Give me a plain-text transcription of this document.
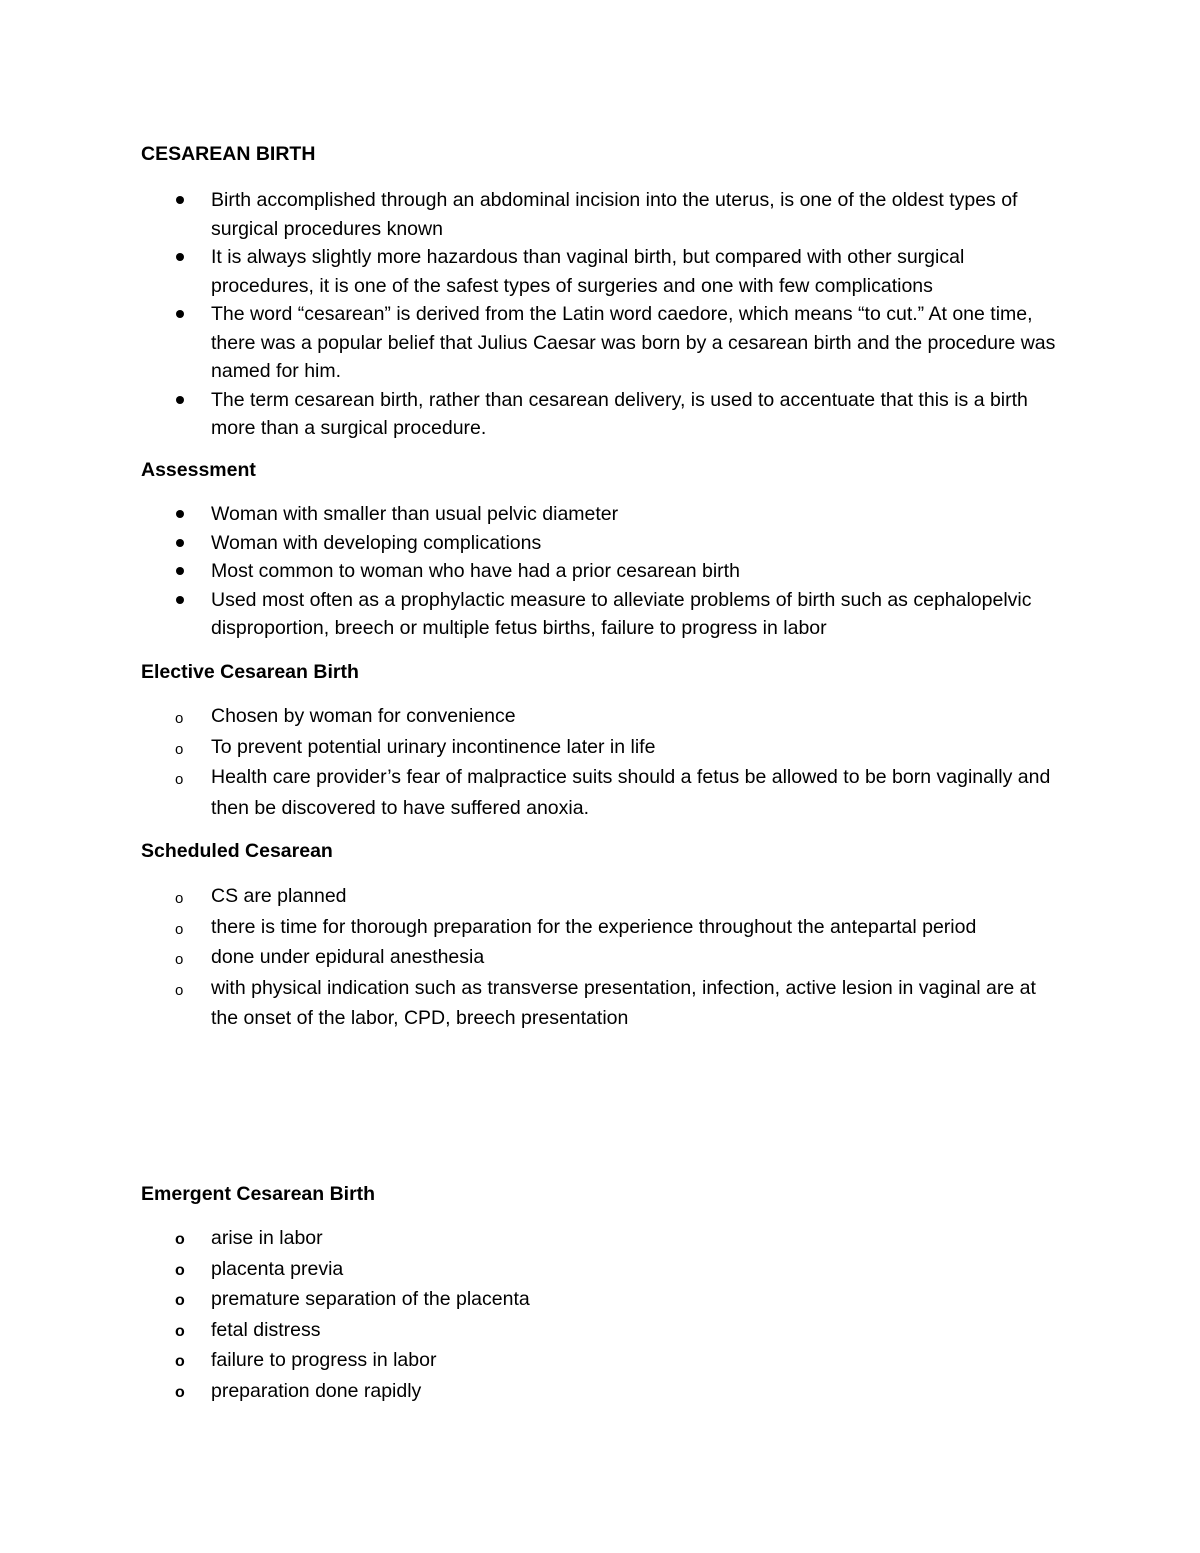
CESAREAN BIRTH
Birth accomplished through an abdominal incision into the uterus, is one of the oldest types of surgical procedures known
It is always slightly more hazardous than vaginal birth, but compared with other surgical procedures, it is one of the safest types of surgeries and one with few complications
The word “cesarean” is derived from the Latin word caedore, which means “to cut.” At one time, there was a popular belief that Julius Caesar was born by a cesarean birth and the procedure was named for him.
The term cesarean birth, rather than cesarean delivery, is used to accentuate that this is a birth more than a surgical procedure.
Assessment
Woman with smaller than usual pelvic diameter
Woman with developing complications
Most common to woman who have had a prior cesarean birth
Used most often as a prophylactic measure to alleviate problems of birth such as cephalopelvic disproportion, breech or multiple fetus births, failure to progress in labor
Elective Cesarean Birth
o	Chosen by woman for convenience
o	To prevent potential urinary incontinence later in life
o	Health care provider’s fear of malpractice suits should a fetus be allowed to be born vaginally and then be discovered to have suffered anoxia.
Scheduled Cesarean
o	CS are planned
o	there is time for thorough preparation for the experience throughout the antepartal period
o	done under epidural anesthesia
o	with physical indication such as transverse presentation, infection, active lesion in vaginal are at the onset of the labor, CPD, breech presentation
Emergent Cesarean Birth
o	arise in labor
o	placenta previa
o	premature separation of the placenta
o	fetal distress
o	failure to progress in labor
o	preparation done rapidly
